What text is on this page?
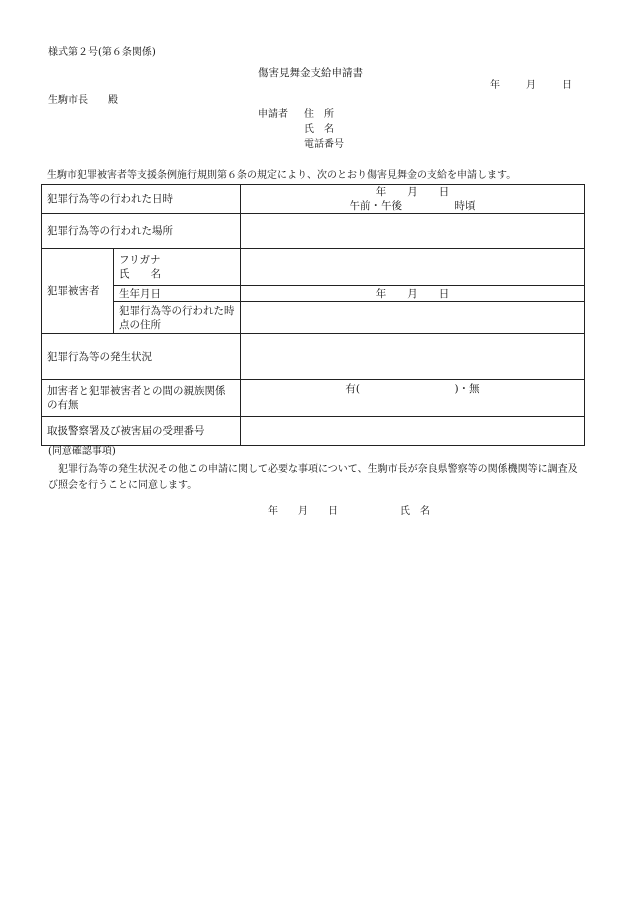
様式第２号(第６条関係)
傷害見舞金支給申請書
年	月	日
生駒市長　　殿
申請者 住　所
氏　名
電話番号
生駒市犯罪被害者等支援条例施行規則第６条の規定により、次のとおり傷害見舞金の支給を申請します。
犯罪行為等の行われた日時		年　　月　　日
午前・午後　　　　　時頃

犯罪行為等の行われた場所		
犯罪被害者	フリガナ
氏　　名	

	生年月日	年　　月　　日
	犯罪行為等の行われた時点の住所	
犯罪行為等の発生状況		
加害者と犯罪被害者との間の親族関係の有無		有(　　　　　　　　　)・無
取扱警察署及び被害届の受理番号		
(同意確認事項)
　犯罪行為等の発生状況その他この申請に関して必要な事項について、生駒市長が奈良県警察等の関係機関等に調査及び照会を行うことに同意します。
年　　月　　日	氏　名
